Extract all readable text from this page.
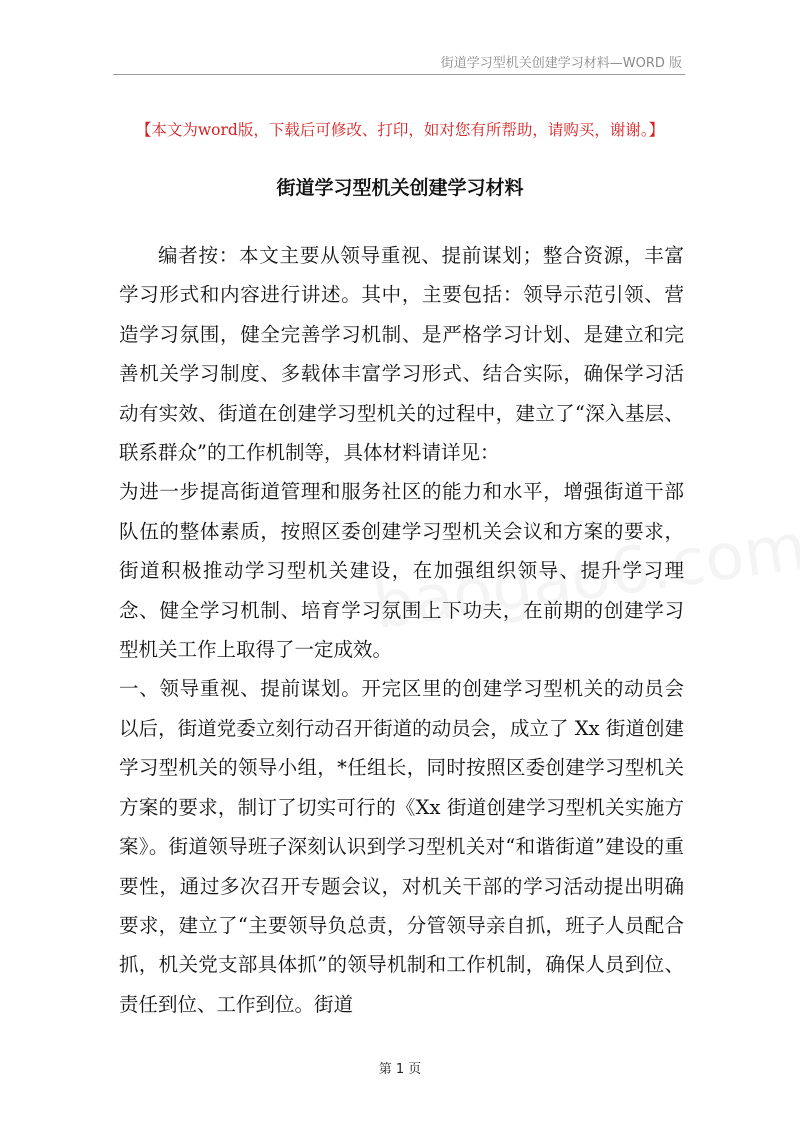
街道学习型机关创建学习材料—WORD 版
【本文为word版，下载后可修改、打印，如对您有所帮助，请购买，谢谢。】
街道学习型机关创建学习材料

编者按：本文主要从领导重视、提前谋划；整合资源，丰富学习形式和内容进行讲述。其中，主要包括：领导示范引领、营造学习氛围，健全完善学习机制、是严格学习计划、是建立和完善机关学习制度、多载体丰富学习形式、结合实际，确保学习活动有实效、街道在创建学习型机关的过程中，建立了“深入基层、联系群众”的工作机制等，具体材料请详见：

为进一步提高街道管理和服务社区的能力和水平，增强街道干部队伍的整体素质，按照区委创建学习型机关会议和方案的要求，街道积极推动学习型机关建设，在加强组织领导、提升学习理念、健全学习机制、培育学习氛围上下功夫，在前期的创建学习型机关工作上取得了一定成效。

一、领导重视、提前谋划。开完区里的创建学习型机关的动员会以后，街道党委立刻行动召开街道的动员会，成立了 Xx 街道创建学习型机关的领导小组，*任组长，同时按照区委创建学习型机关方案的要求，制订了切实可行的《Xx 街道创建学习型机关实施方案》。街道领导班子深刻认识到学习型机关对“和谐街道”建设的重要性，通过多次召开专题会议，对机关干部的学习活动提出明确要求，建立了“主要领导负总责，分管领导亲自抓，班子人员配合抓，机关党支部具体抓”的领导机制和工作机制，确保人员到位、责任到位、工作到位。街道

第 1 页
